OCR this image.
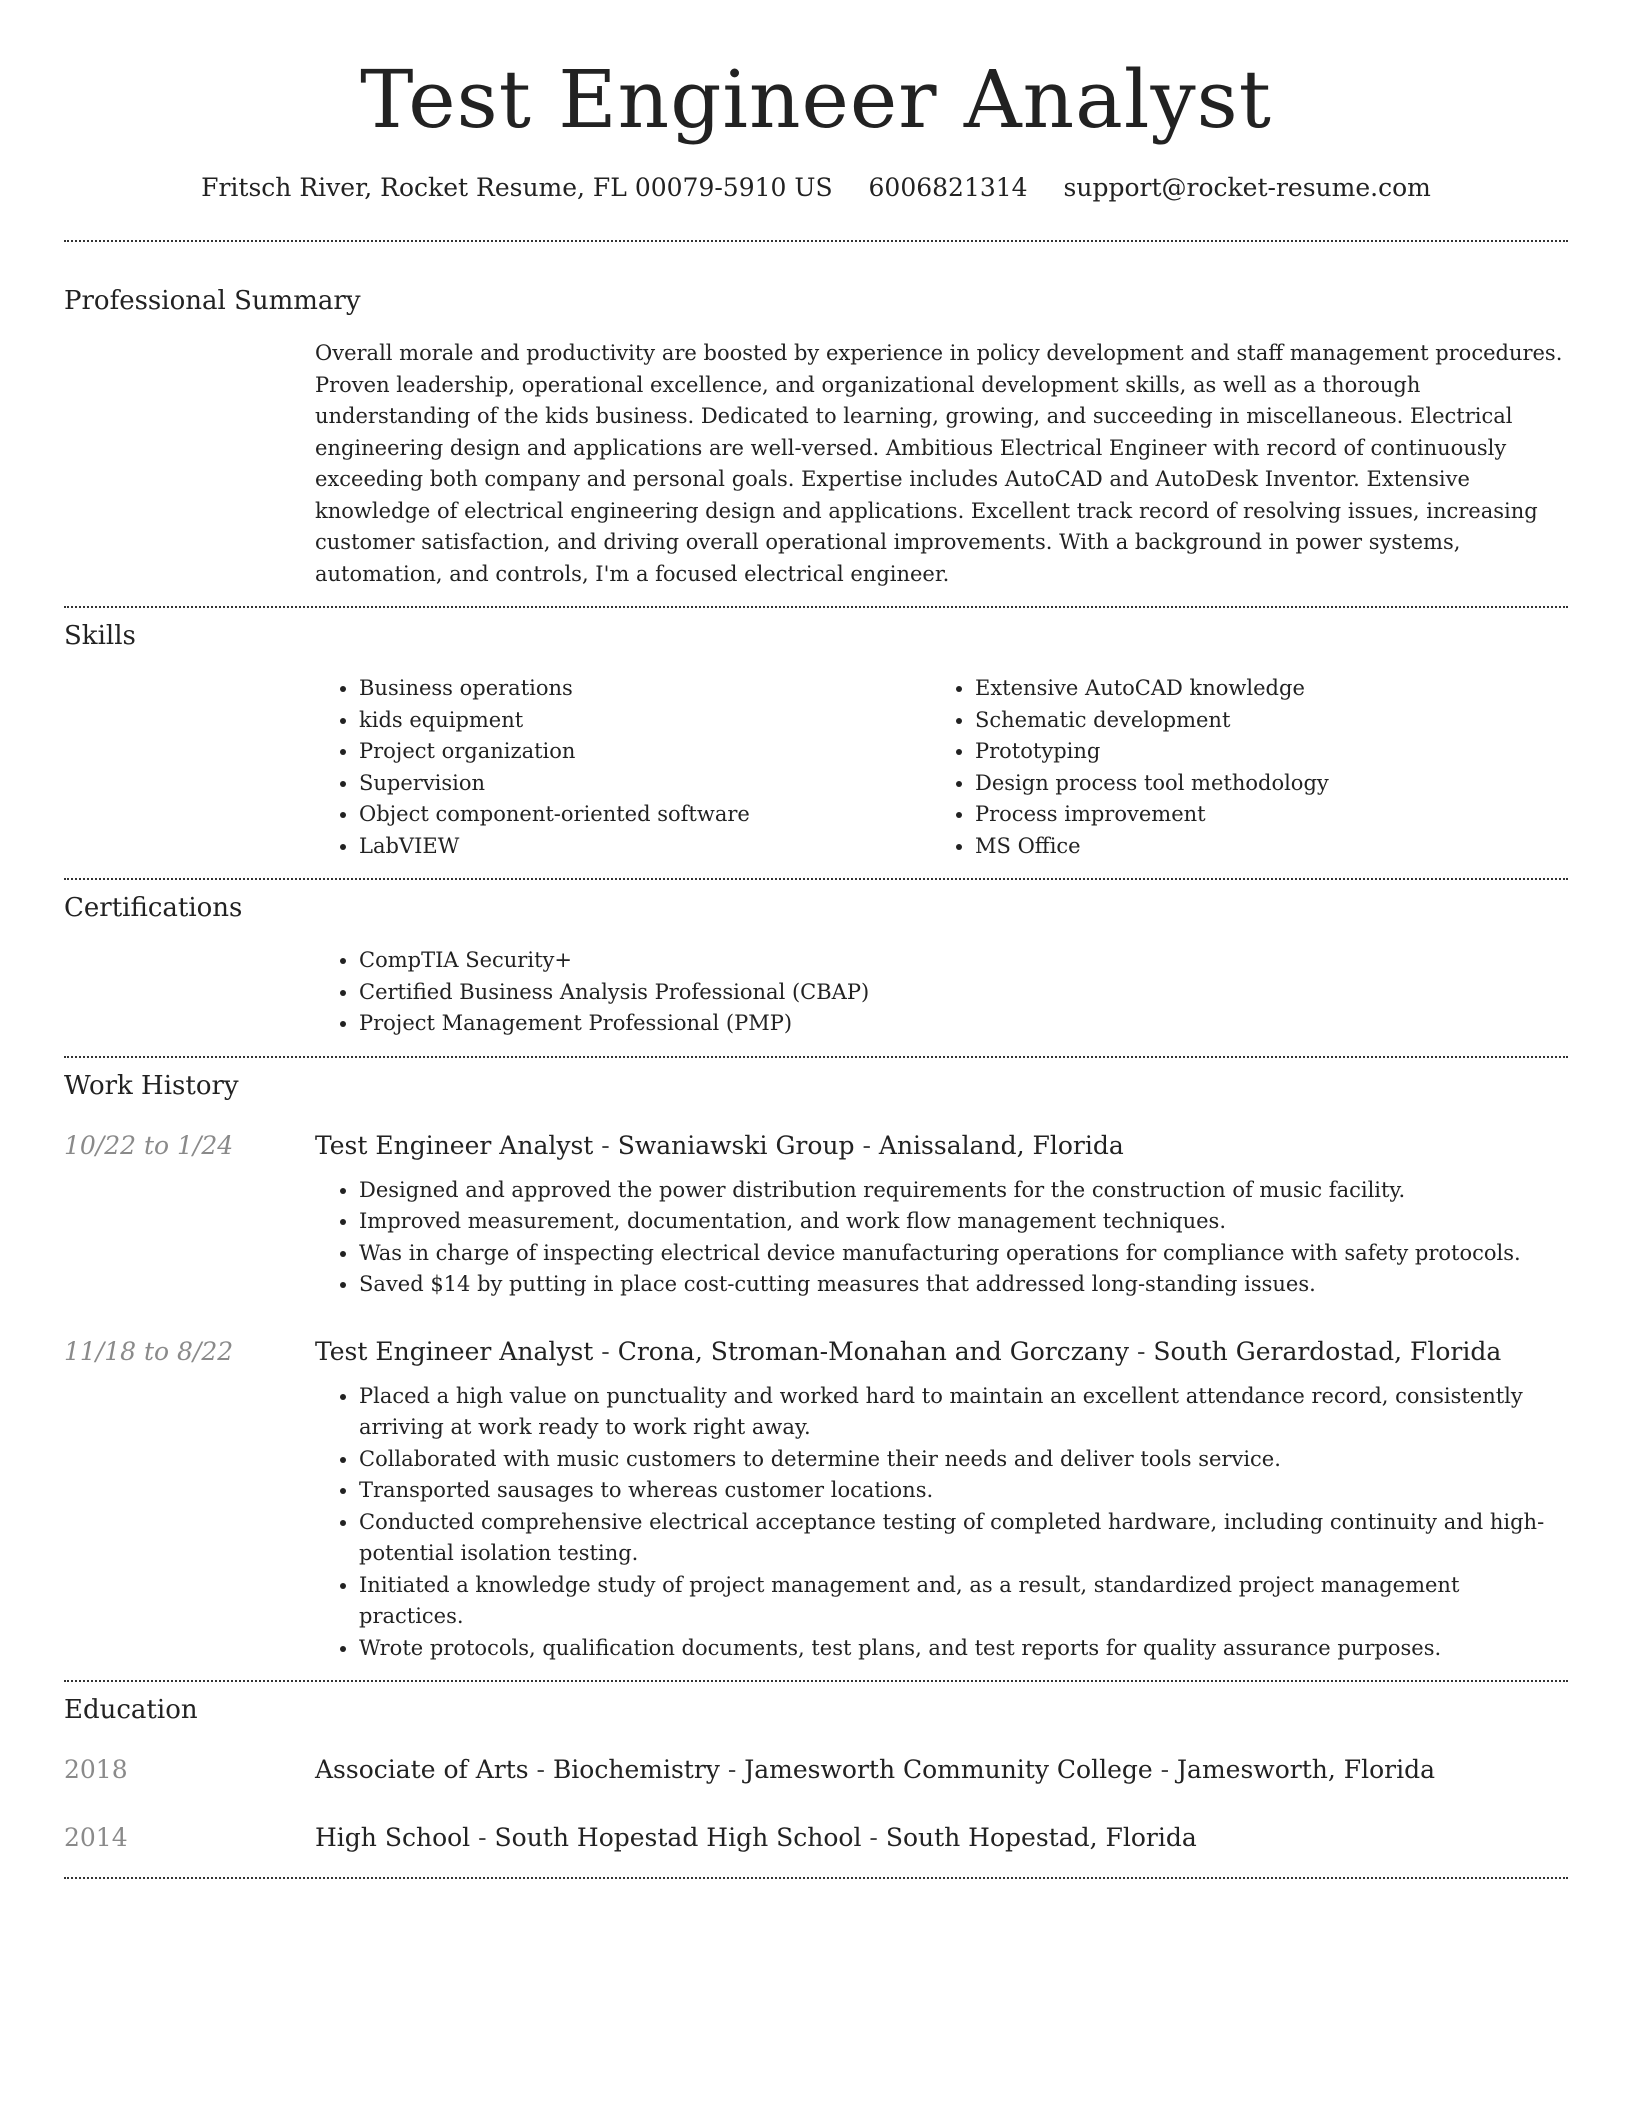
Test Engineer Analyst
Fritsch River, Rocket Resume, FL 00079-5910 US 6006821314 support@rocket-resume.com
Professional Summary
Overall morale and productivity are boosted by experience in policy development and staff management procedures. Proven leadership, operational excellence, and organizational development skills, as well as a thorough understanding of the kids business. Dedicated to learning, growing, and succeeding in miscellaneous. Electrical engineering design and applications are well-versed. Ambitious Electrical Engineer with record of continuously exceeding both company and personal goals. Expertise includes AutoCAD and AutoDesk Inventor. Extensive knowledge of electrical engineering design and applications. Excellent track record of resolving issues, increasing customer satisfaction, and driving overall operational improvements. With a background in power systems, automation, and controls, I'm a focused electrical engineer.
Skills
• Business operations
• kids equipment
• Project organization
• Supervision
• Object component-oriented software
• LabVIEW
• Extensive AutoCAD knowledge
• Schematic development
• Prototyping
• Design process tool methodology
• Process improvement
• MS Office
Certifications
• CompTIA Security+
• Certified Business Analysis Professional (CBAP)
• Project Management Professional (PMP)
Work History
10/22 to 1/24	Test Engineer Analyst - Swaniawski Group - Anissaland, Florida
• Designed and approved the power distribution requirements for the construction of music facility.
• Improved measurement, documentation, and work flow management techniques.
• Was in charge of inspecting electrical device manufacturing operations for compliance with safety protocols.
• Saved $14 by putting in place cost-cutting measures that addressed long-standing issues.
11/18 to 8/22	Test Engineer Analyst - Crona, Stroman-Monahan and Gorczany - South Gerardostad, Florida
• Placed a high value on punctuality and worked hard to maintain an excellent attendance record, consistently arriving at work ready to work right away.
• Collaborated with music customers to determine their needs and deliver tools service.
• Transported sausages to whereas customer locations.
• Conducted comprehensive electrical acceptance testing of completed hardware, including continuity and high-potential isolation testing.
• Initiated a knowledge study of project management and, as a result, standardized project management practices.
• Wrote protocols, qualification documents, test plans, and test reports for quality assurance purposes.
Education
2018	Associate of Arts - Biochemistry - Jamesworth Community College - Jamesworth, Florida
2014	High School - South Hopestad High School - South Hopestad, Florida
